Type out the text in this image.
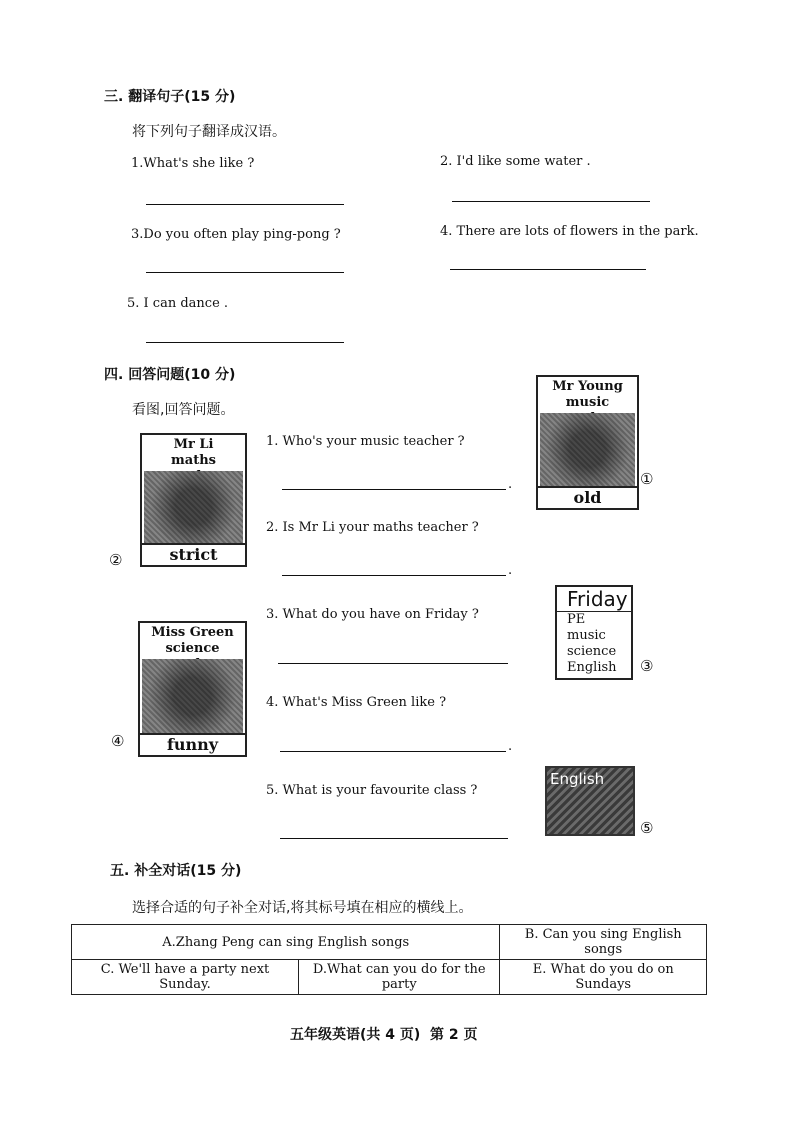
三. 翻译句子(15 分)
将下列句子翻译成汉语。
1.What's she like ?	2. I'd like some water .
3.Do you often play ping-pong ?	4. There are lots of flowers in the park.
5. I can dance .
四. 回答问题(10 分)
看图,回答问题。
Mr Young
music
old
①
Mr Li
maths
strict
②
Miss Green
science
funny
④
1. Who's your music teacher ?
.
2. Is Mr Li your maths teacher ?
.
3. What do you have on Friday ?
4. What's Miss Green like ?
.
5. What is your favourite class ?
Friday
PE
music
science
English	③
English
⑤
五. 补全对话(15 分)
选择合适的句子补全对话,将其标号填在相应的横线上。
A.Zhang Peng can sing English songs		B. Can you sing English songs
C. We'll have a party next Sunday.	D.What can you do for the party	E. What do you do on Sundays
五年级英语(共 4 页)  第 2 页
